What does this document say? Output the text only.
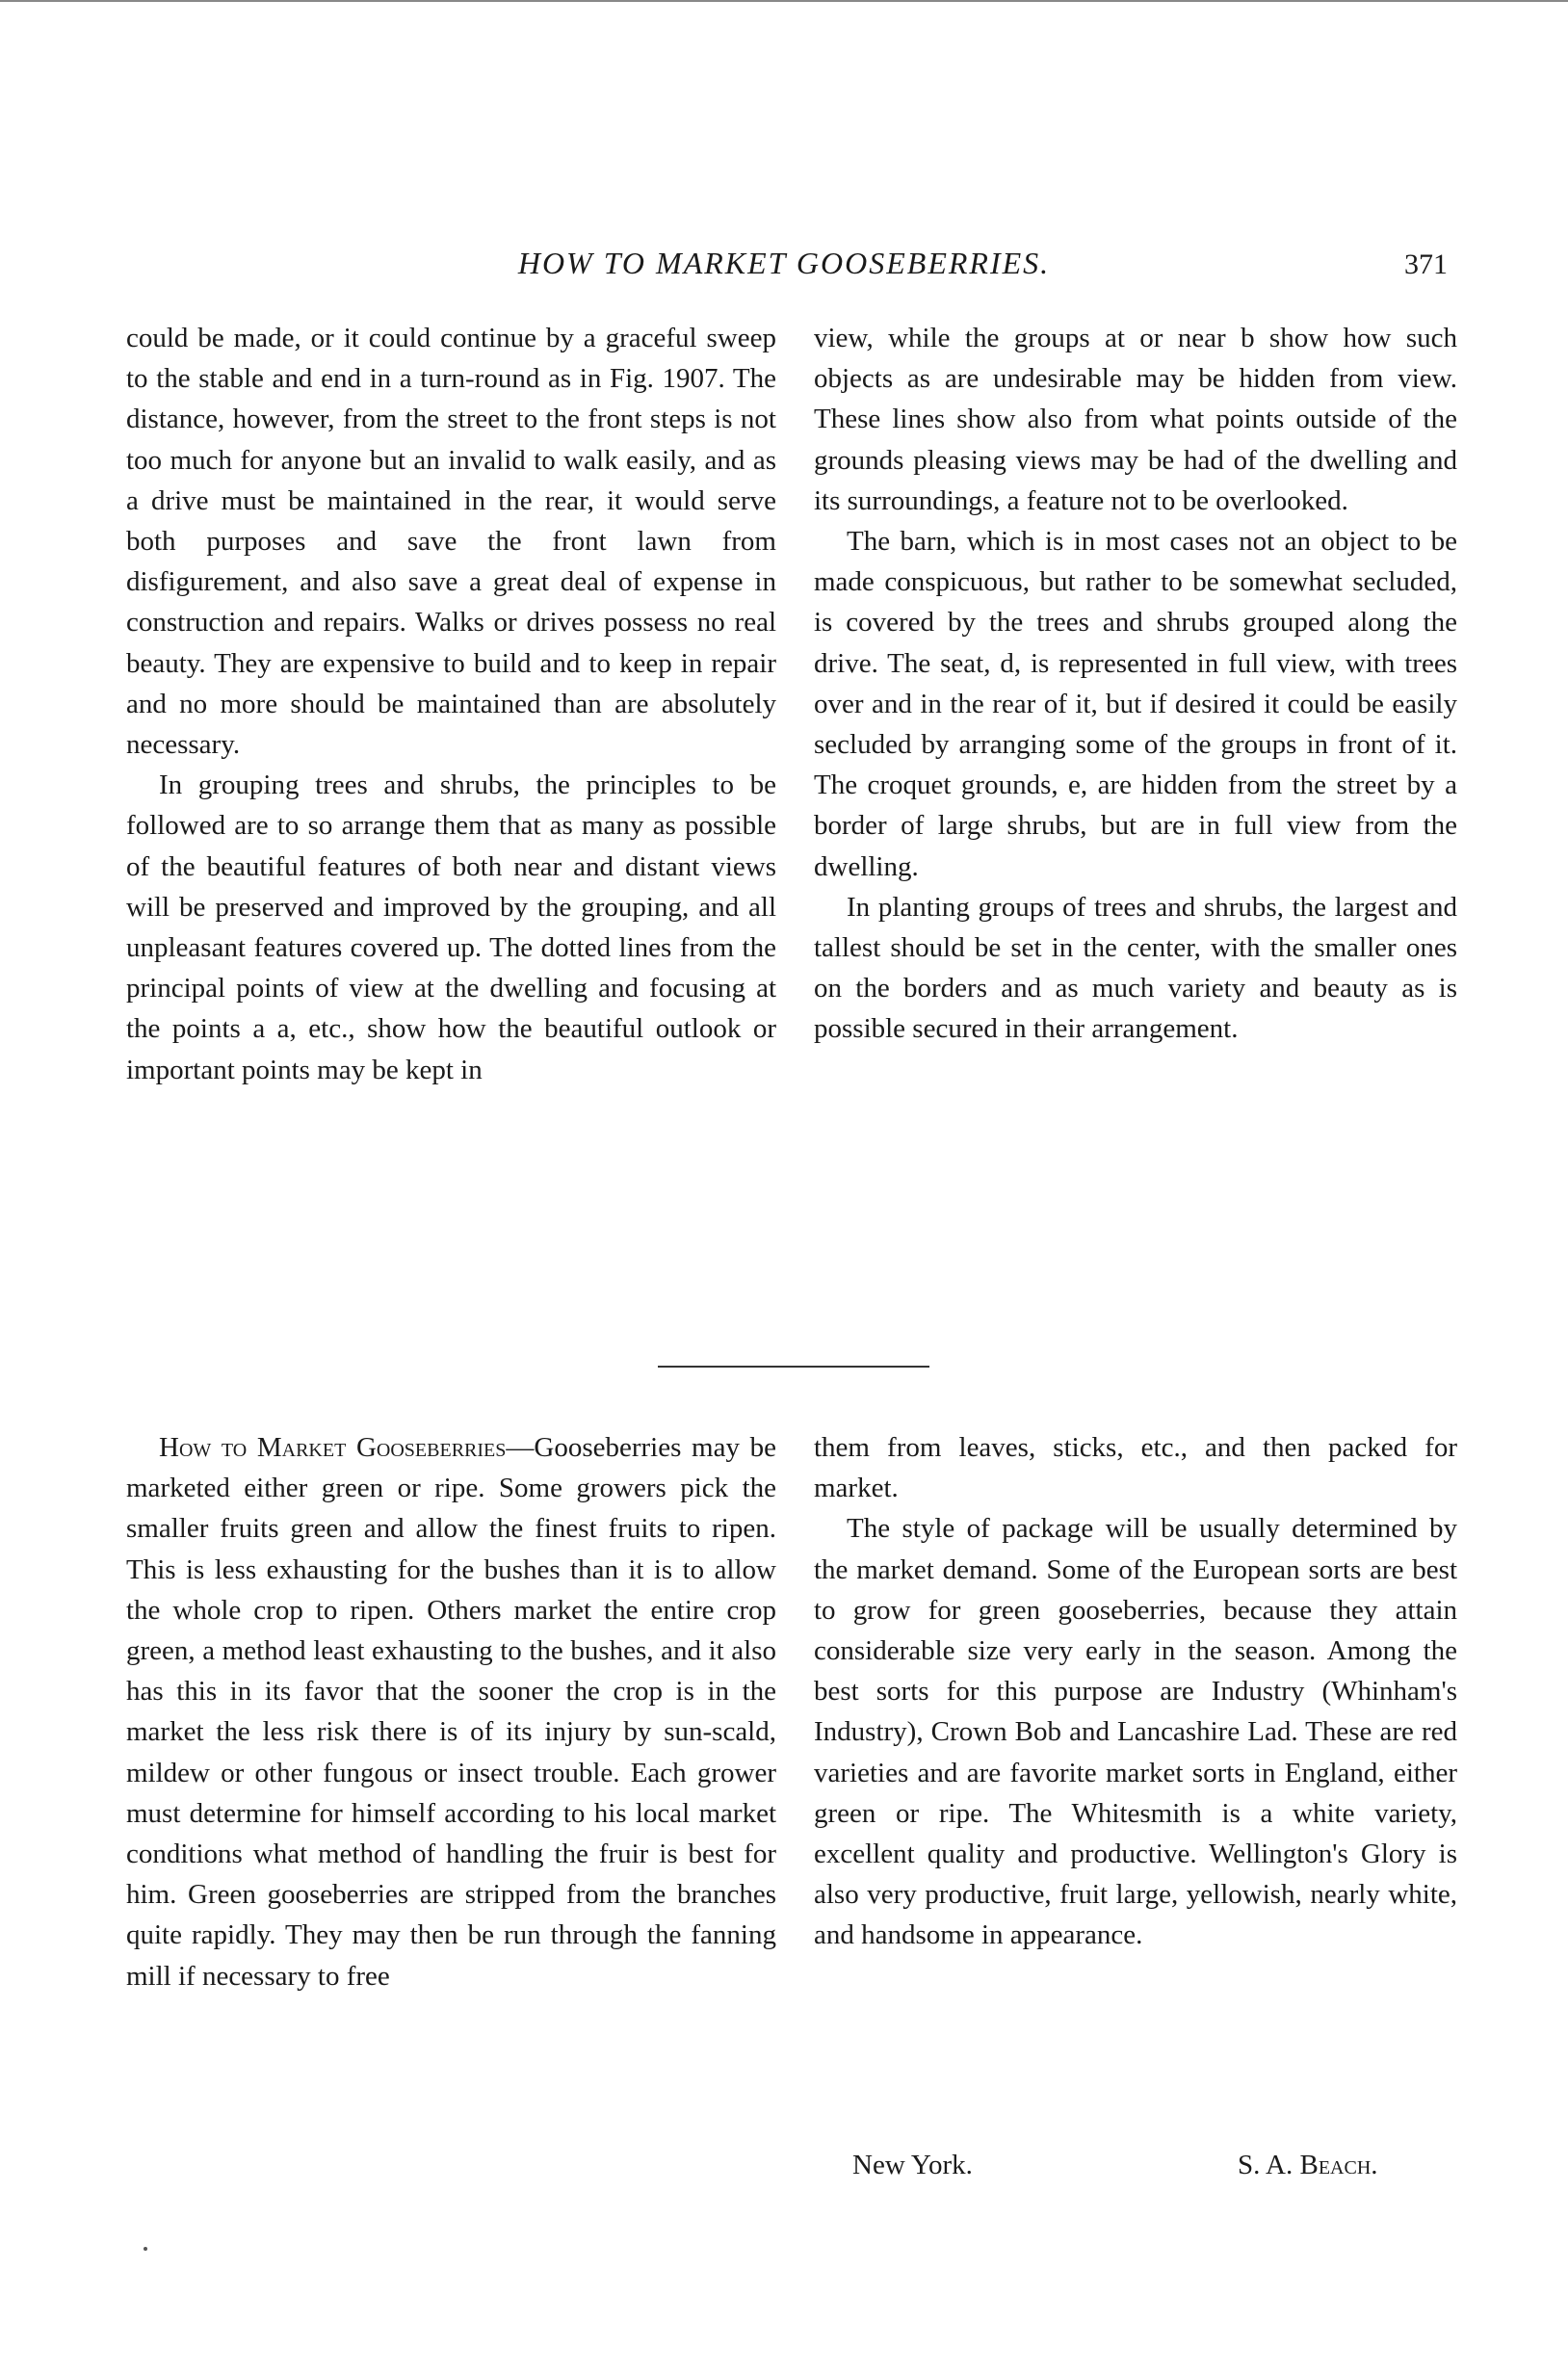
HOW TO MARKET GOOSEBERRIES.	371

could be made, or it could continue by a graceful sweep to the stable and end in a turn-round as in Fig. 1907. The distance, however, from the street to the front steps is not too much for anyone but an invalid to walk easily, and as a drive must be maintained in the rear, it would serve both purposes and save the front lawn from disfigurement, and also save a great deal of expense in construction and repairs. Walks or drives possess no real beauty. They are expensive to build and to keep in repair and no more should be maintained than are absolutely necessary.

In grouping trees and shrubs, the principles to be followed are to so arrange them that as many as possible of the beautiful features of both near and distant views will be preserved and improved by the grouping, and all unpleasant features covered up. The dotted lines from the principal points of view at the dwelling and focusing at the points a a, etc., show how the beautiful outlook or important points may be kept in

view, while the groups at or near b show how such objects as are undesirable may be hidden from view. These lines show also from what points outside of the grounds pleasing views may be had of the dwelling and its surroundings, a feature not to be overlooked.

The barn, which is in most cases not an object to be made conspicuous, but rather to be somewhat secluded, is covered by the trees and shrubs grouped along the drive. The seat, d, is represented in full view, with trees over and in the rear of it, but if desired it could be easily secluded by arranging some of the groups in front of it. The croquet grounds, e, are hidden from the street by a border of large shrubs, but are in full view from the dwelling.

In planting groups of trees and shrubs, the largest and tallest should be set in the center, with the smaller ones on the borders and as much variety and beauty as is possible secured in their arrangement.

How to Market Gooseberries—Gooseberries may be marketed either green or ripe. Some growers pick the smaller fruits green and allow the finest fruits to ripen. This is less exhausting for the bushes than it is to allow the whole crop to ripen. Others market the entire crop green, a method least exhausting to the bushes, and it also has this in its favor that the sooner the crop is in the market the less risk there is of its injury by sun-scald, mildew or other fungous or insect trouble. Each grower must determine for himself according to his local market conditions what method of handling the fruir is best for him. Green gooseberries are stripped from the branches quite rapidly. They may then be run through the fanning mill if necessary to free

them from leaves, sticks, etc., and then packed for market.

The style of package will be usually determined by the market demand. Some of the European sorts are best to grow for green gooseberries, because they attain considerable size very early in the season. Among the best sorts for this purpose are Industry (Whinham's Industry), Crown Bob and Lancashire Lad. These are red varieties and are favorite market sorts in England, either green or ripe. The Whitesmith is a white variety, excellent quality and productive. Wellington's Glory is also very productive, fruit large, yellowish, nearly white, and handsome in appearance.

New York.	S. A. Beach.
